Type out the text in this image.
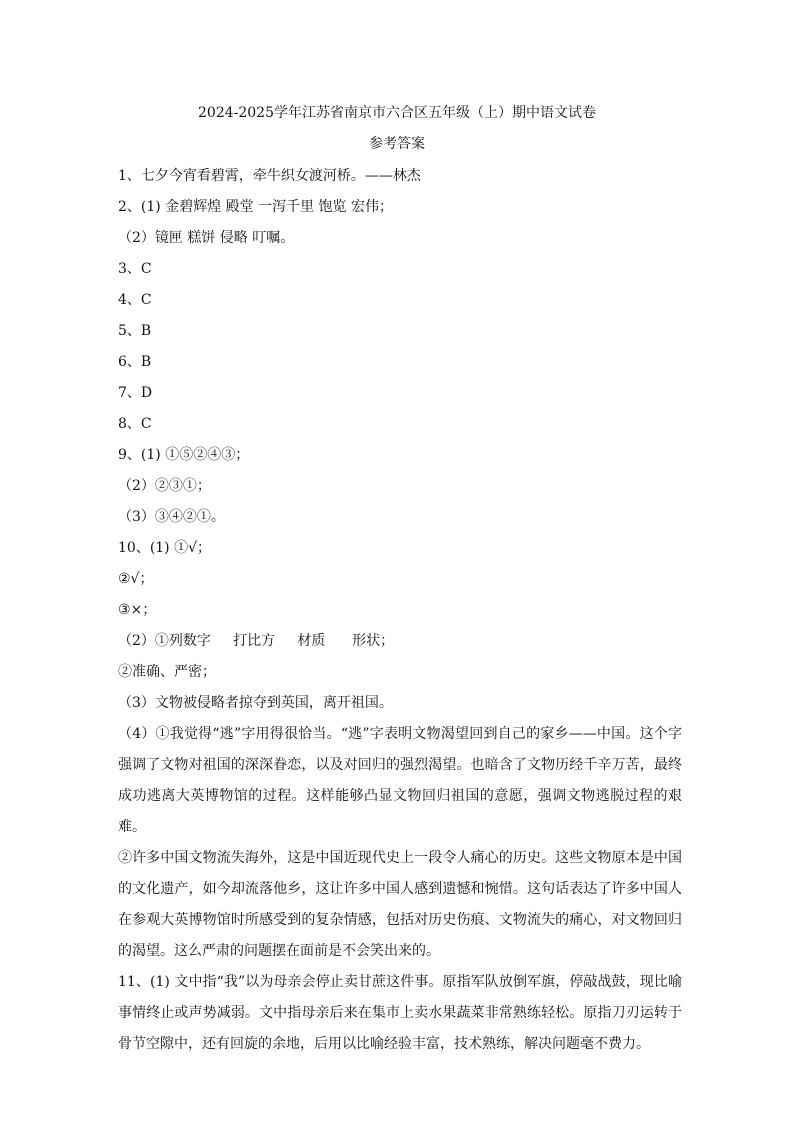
2024-2025学年江苏省南京市六合区五年级（上）期中语文试卷
参考答案
1、七夕今宵看碧霄，牵牛织女渡河桥。——林杰
2、(1) 金碧辉煌 殿堂 一泻千里 饱览 宏伟；
（2）镜匣 糕饼 侵略 叮嘱。
3、C
4、C
5、B
6、B
7、D
8、C
9、(1) ①⑤②④③；
（2）②③①；
（3）③④②①。
10、(1) ①√；
②√；
③×；
（2）①列数字     打比方     材质      形状；
②准确、严密；
（3）文物被侵略者掠夺到英国，离开祖国。

（4）①我觉得“逃”字用得很恰当。“逃”字表明文物渴望回到自己的家乡——中国。这个字强调了文物对祖国的深深眷恋，以及对回归的强烈渴望。也暗含了文物历经千辛万苦，最终成功逃离大英博物馆的过程。这样能够凸显文物回归祖国的意愿，强调文物逃脱过程的艰难。

②许多中国文物流失海外，这是中国近现代史上一段令人痛心的历史。这些文物原本是中国的文化遗产，如今却流落他乡，这让许多中国人感到遗憾和惋惜。这句话表达了许多中国人在参观大英博物馆时所感受到的复杂情感，包括对历史伤痕、文物流失的痛心，对文物回归的渴望。这么严肃的问题摆在面前是不会笑出来的。

11、(1) 文中指“我”以为母亲会停止卖甘蔗这件事。原指军队放倒军旗，停敲战鼓，现比喻事情终止或声势减弱。文中指母亲后来在集市上卖水果蔬菜非常熟练轻松。原指刀刃运转于骨节空隙中，还有回旋的余地，后用以比喻经验丰富，技术熟练，解决问题毫不费力。
